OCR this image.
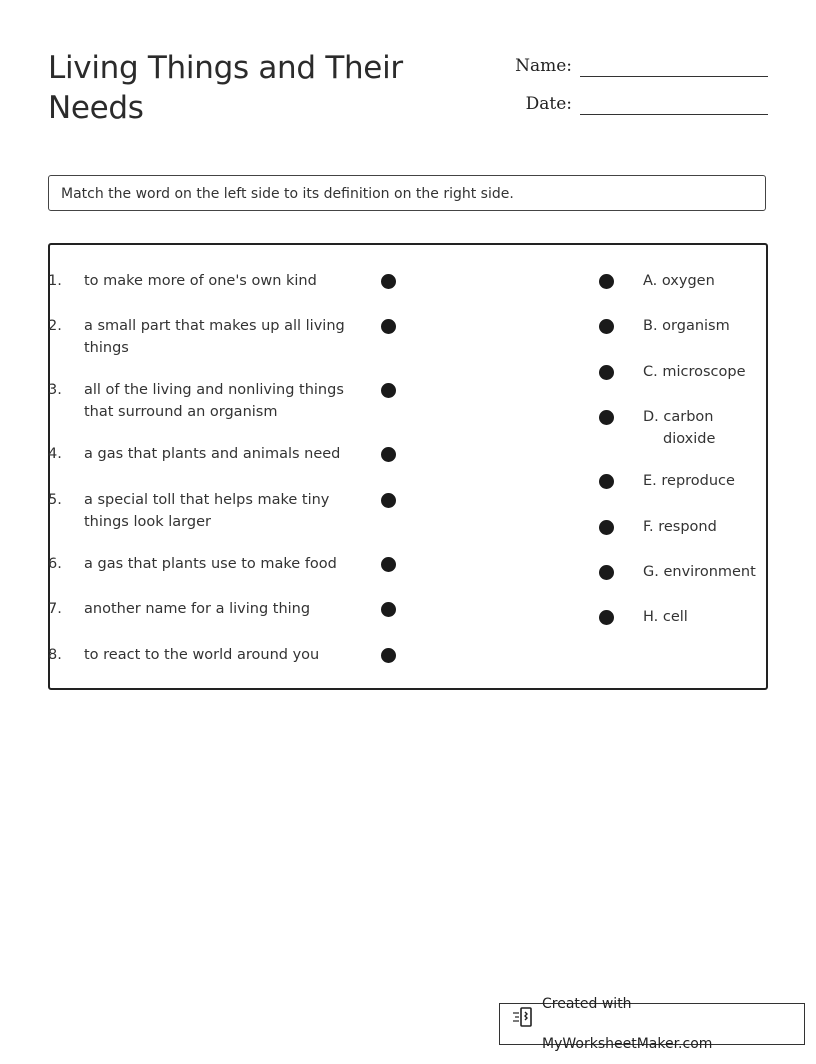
Living Things and Their Needs
Name:
Date:
Match the word on the left side to its definition on the right side.
1. to make more of one's own kind
2. a small part that makes up all living things
3. all of the living and nonliving things that surround an organism
4. a gas that plants and animals need
5. a special toll that helps make tiny things look larger
6. a gas that plants use to make food
7. another name for a living thing
8. to react to the world around you
A. oxygen
B. organism
C. microscope
D. carbon dioxide
E. reproduce
F. respond
G. environment
H. cell
Created with MyWorksheetMaker.com
